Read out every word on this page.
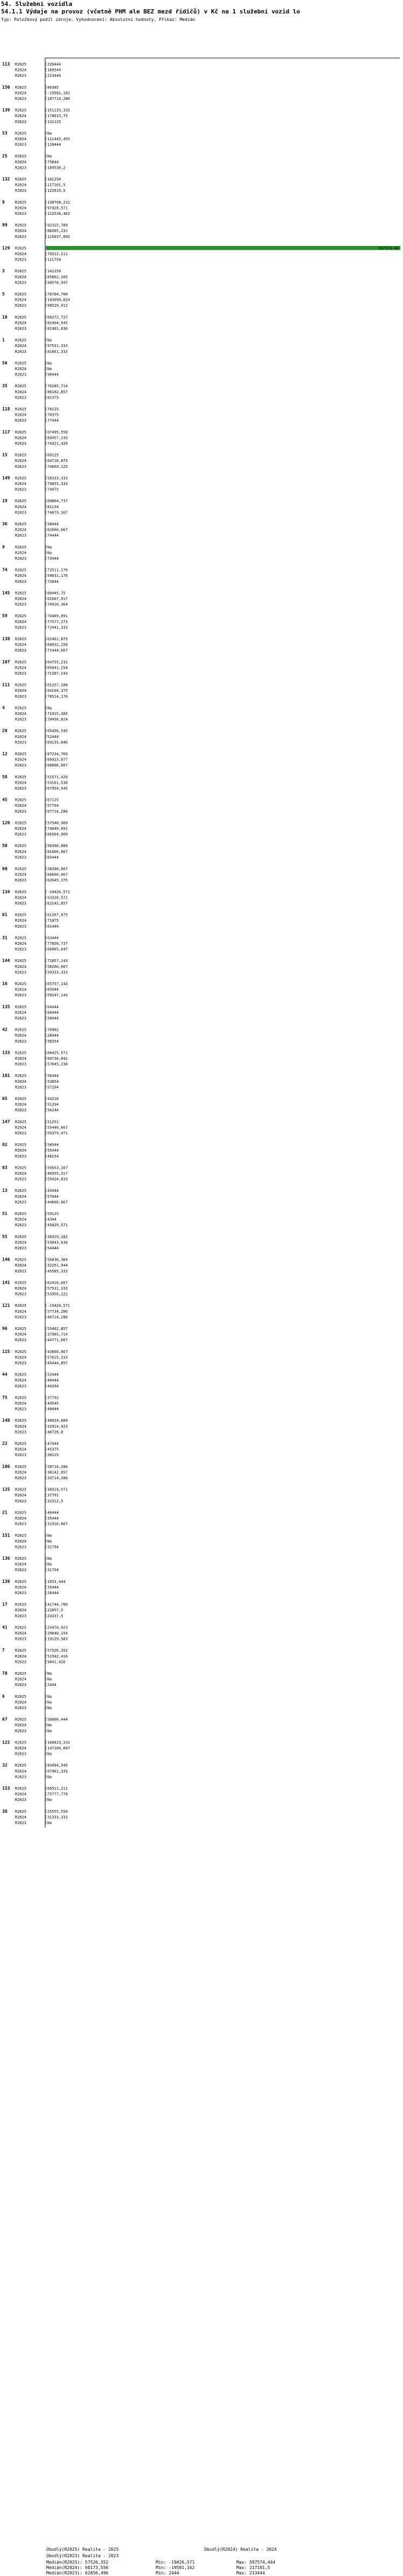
54. Služební vozidla
54.1.1 Výdaje na provoz (včetně PHM ale BEZ mezd řidičů) v Kč na 1 služební vozid lo
Typ: Položkový podíl zdroje, Vyhodnocení: Absolutní hodnoty, Příkaz: Medián
113 R2025	228444
R2024	189544
R2023	213444
150 R2025	80385
R2024	-19581,162
R2023	107714,286
139 R2025	151133,333
R2024	170015,75
R2023	131125
53 R2025	Na
R2024	111445,455
R2023	128444
25 R2025	Na
R2024	75844
R2023	109538,2
132 R2025	181250
R2024	217101,5
R2023	122819,5
8	R2025	130708,231
R2024	97428,571
R2023	122538,462
99 R2025	92315,789
R2024	88285,231
R2023	125037,895
129 R2025	597574,44
R2024	79312,111
R2023	111750
3	R2025	141250
R2024	85862,105
R2023	90578,947
5	R2025	76764,706
R2024	103099,824
R2023	98529,412
10 R2025	69272,727
R2024	82494,545
R2023	81901,636
1	R2025	Na
R2024	97531,333
R2023	81061,333
56 R2025	Na
R2024	Na
R2023	90444
35 R2025	76285,714
R2024	86182,857
R2023	82375
118 R2025	78125
R2024	78375
R2023	77444
117 R2025	67495,556
R2024	69457,143
R2023	74321,429
15 R2025	69125
R2024	64718,875
R2023	74669,125
149 R2025	58333,333
R2024	79055,333
R2023	74975
19 R2025	69804,737
R2024	81134
R2023	74879,167
36 R2025	58444
R2024	62666,667
R2023	74444
9	R2025	Na
R2024	Na
R2023	73444
74 R2025	72511,176
R2024	59631,176
R2023	72844
145 R2025	60445,75
R2024	61607,917
R2023	70910,364
59 R2025	74469,091
R2024	77577,273
R2023	72441,333
138 R2025	62461,875
R2024	60032,258
R2023	71444,667
107 R2025	64755,231
R2024	65041,154
R2023	71287,143
111 R2025	61257,188
R2024	64104,375
R2023	70514,176
4	R2025	Na
R2024	71915,385
R2023	70456,824
28 R2025	65456,545
R2024	52444
R2023	69155,846
12 R2025	87234,769
R2024	60923,077
R2023	68666,667
58 R2025	51571,429
R2024	53101,538
R2023	67954,545
45 R2025	67125
R2024	57794
R2023	67714,286
126 R2025	57540,909
R2024	74849,091
R2023	66564,909
50 R2025	56398,889
R2024	81666,667
R2023	65444
60 R2025	58288,667
R2024	66666,667
R2023	62645,375
134 R2025	-19426,571
R2024	53328,571
R2023	62142,857
61 R2025	61267,875
R2024	71875
R2023	61444
31 R2025	63444
R2024	77856,737
R2023	60965,647
144 R2025	71857,143
R2024	58266,667
R2023	59333,333
16 R2025	65757,143
R2024	65944
R2023	59247,143
135 R2025	64444
R2024	60444
R2023	58444
42 R2025	70982
R2024	28444
R2023	58254
133 R2025	60425,571
R2024	60736,842
R2023	57645,238
101 R2025	56444
R2024	53854
R2023	57294
65 R2025	44210
R2024	51294
R2023	56244
147 R2025	51251
R2024	55440,667
R2023	55379,471
82 R2025	58544
R2024	55444
R2023	48154
83 R2025	55653,167
R2024	46955,317
R2023	55024,833
13 R2025	43444
R2024	57044
R2023	44666,667
51 R2025	59125
R2024	4344
R2023	45829,571
55 R2025	36919,182
R2024	53043,636
R2023	54444
146 R2025	56836,364
R2024	32251,944
R2023	45585,333
141 R2025	62416,667
R2024	57531,333
R2023	53956,222
121 R2025	-19424,571
R2024	57734,286
R2023	46714,286
96 R2025	55402,857
R2024	37985,714
R2023	44771,667
115 R2025	43666,667
R2024	57615,333
R2023	45444,857
44 R2025	52444
R2024	46444
R2023	44294
75 R2025	37792
R2024	44545
R2023	48044
148 R2025	40624,889
R2024	32914,923
R2023	48726,8
22 R2025	47444
R2024	45375
R2023	38125
106 R2025	58714,286
R2024	38142,857
R2023	33714,286
125 R2025	36919,571
R2024	37791
R2023	32312,5
21 R2025	40444
R2024	35444
R2023	31916,667
151 R2025	Na
R2024	Na
R2023	31794
136 R2025	Na
R2024	Na
R2023	31794
139 R2025	1653,444
R2024	35444
R2023	26444
17 R2025	41744,706
R2024	22857,5
R2023	24337,5
41 R2025	25470,923
R2024	29040,154
R2023	19129,583
7	R2025	57526,352
R2024	51942,416
R2023	9041,426
78 R2025	Na
R2024	Na
R2023	2444
6	R2025	Na
R2024	Na
R2023	Na
67 R2025	50000,444
R2024	Na
R2023	Na
122 R2025	160833,333
R2024	147166,667
R2023	Na
32 R2025	83494,545
R2024	67961,333
R2023	Na
153 R2025	66511,111
R2024	75777,778
R2023	Na
38 R2025	25555,556
R2024	31333,333
R2023	Na
Úbodlý(R2025) Realita - 2025	Úbodlý(R2024) Realita - 2024
Úbodlý(R2023) Realita - 2023
Medián(R2025): 57526,352	Min: -19426,571	Max: 597574,444
Medián(R2024): 60173,556	Min: -19581,162	Max: 217101,5
Medián(R2023): 62856,496	Min: 2444	Max: 213444
